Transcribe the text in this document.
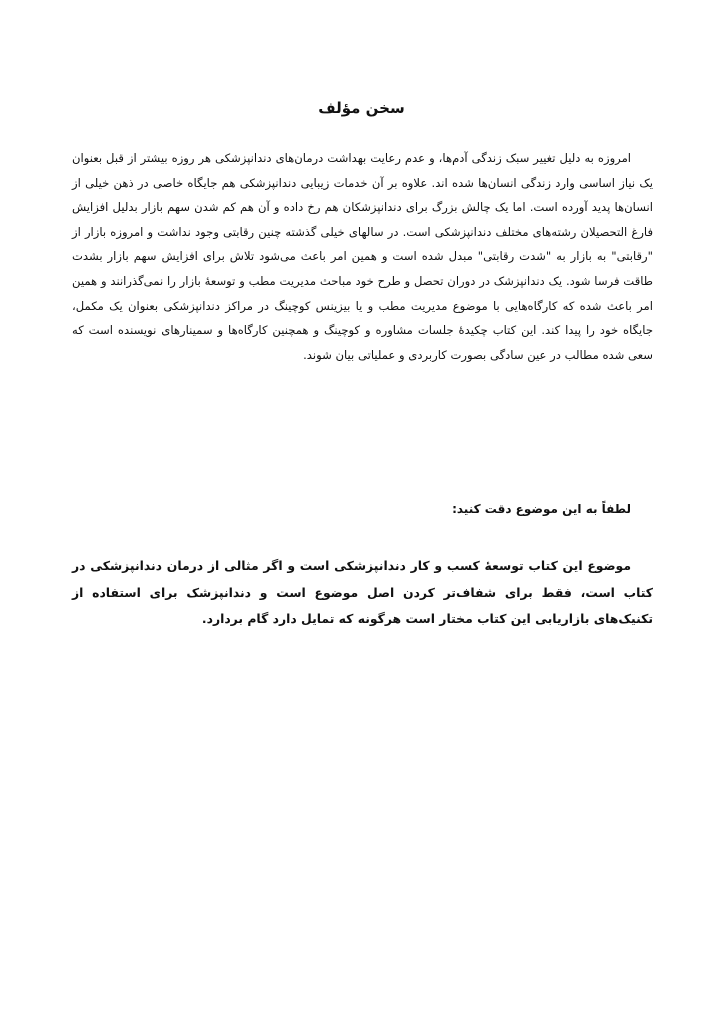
سخن مؤلف

امروزه به دلیل تغییر سبک زندگی آدم‌ها، و عدم رعایت بهداشت درمان‌های دندانپزشکی هر روزه بیشتر از قبل بعنوان یک نیاز اساسی وارد زندگی انسان‌ها شده اند. علاوه بر آن خدمات زیبایی دندانپزشکی هم جایگاه خاصی در ذهن خیلی از انسان‌ها پدید آورده است. اما یک چالش بزرگ برای دندانپزشکان هم رخ داده و آن هم کم شدن سهم بازار بدلیل افزایش فارغ التحصیلان رشته‌های مختلف دندانپزشکی است. در سالهای خیلی گذشته چنین رقابتی وجود نداشت و امروزه بازار از "رقابتی" به بازار به "شدت رقابتی" مبدل شده است و همین امر باعث می‌شود تلاش برای افزایش سهم بازار بشدت طاقت فرسا شود. یک دندانپزشک در دوران تحصل و طرح خود مباحث مدیریت مطب و توسعهٔ بازار را نمی‌گذرانند و همین امر باعث شده که کارگاه‌هایی با موضوع مدیریت مطب و یا بیزینس کوچینگ در مراکز دندانپزشکی بعنوان یک مکمل، جایگاه خود را پیدا کند. این کتاب چکیدهٔ جلسات مشاوره و کوچینگ و همچنین کارگاه‌ها و سمینارهای نویسنده است که سعی شده مطالب در عین سادگی بصورت کاربردی و عملیاتی بیان شوند.

لطفاً به این موضوع دقت کنید:

موضوع این کتاب توسعهٔ کسب و کار دندانپزشکی است و اگر مثالی از درمان دندانپزشکی در کتاب است، فقط برای شفاف‌تر کردن اصل موضوع است و دندانپزشک برای استفاده از تکنیک‌های بازاریابی این کتاب مختار است هرگونه که تمایل دارد گام بردارد.
